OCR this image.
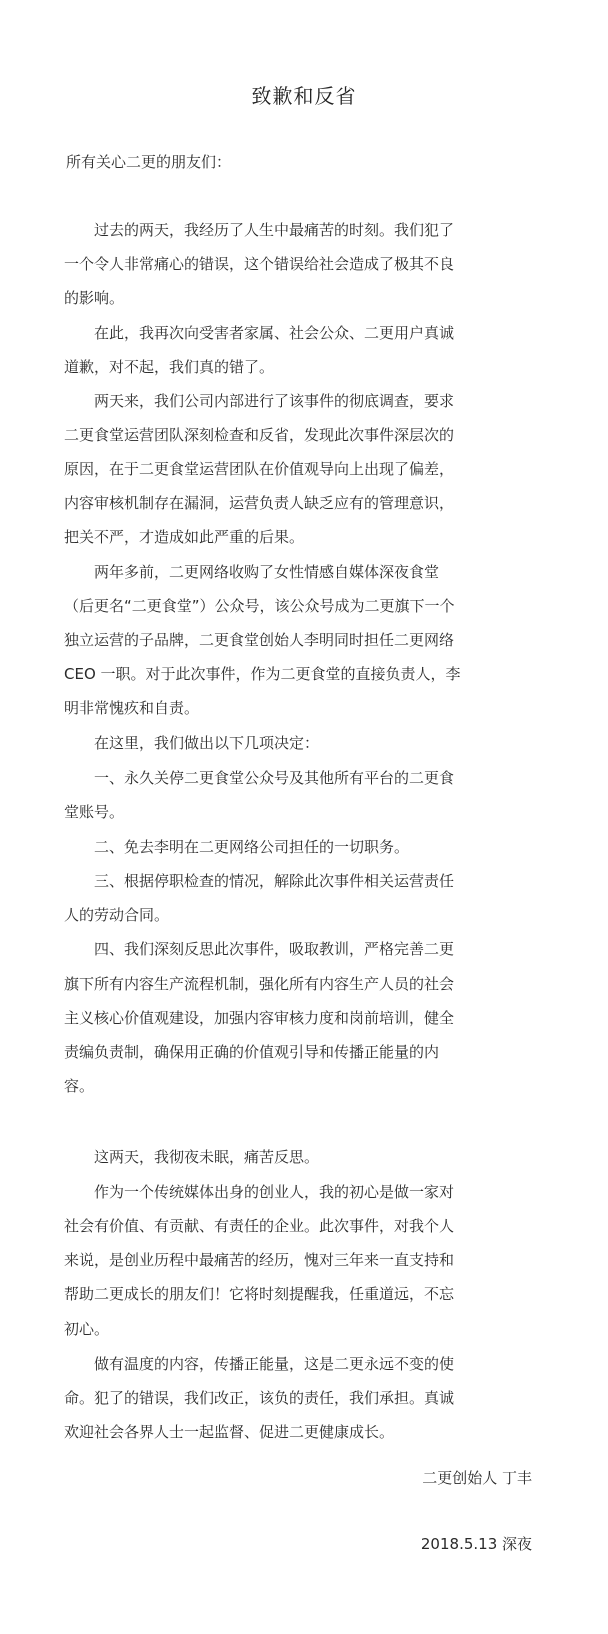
致歉和反省
所有关心二更的朋友们：
过去的两天，我经历了人生中最痛苦的时刻。我们犯了
一个令人非常痛心的错误，这个错误给社会造成了极其不良
的影响。
在此，我再次向受害者家属、社会公众、二更用户真诚
道歉，对不起，我们真的错了。
两天来，我们公司内部进行了该事件的彻底调查，要求
二更食堂运营团队深刻检查和反省，发现此次事件深层次的
原因，在于二更食堂运营团队在价值观导向上出现了偏差，
内容审核机制存在漏洞，运营负责人缺乏应有的管理意识，
把关不严，才造成如此严重的后果。
两年多前，二更网络收购了女性情感自媒体深夜食堂
（后更名“二更食堂”）公众号，该公众号成为二更旗下一个
独立运营的子品牌，二更食堂创始人李明同时担任二更网络
CEO 一职。对于此次事件，作为二更食堂的直接负责人，李
明非常愧疚和自责。
在这里，我们做出以下几项决定：
一、永久关停二更食堂公众号及其他所有平台的二更食
堂账号。
二、免去李明在二更网络公司担任的一切职务。
三、根据停职检查的情况，解除此次事件相关运营责任
人的劳动合同。
四、我们深刻反思此次事件，吸取教训，严格完善二更
旗下所有内容生产流程机制，强化所有内容生产人员的社会
主义核心价值观建设，加强内容审核力度和岗前培训，健全
责编负责制，确保用正确的价值观引导和传播正能量的内
容。
这两天，我彻夜未眠，痛苦反思。
作为一个传统媒体出身的创业人，我的初心是做一家对
社会有价值、有贡献、有责任的企业。此次事件，对我个人
来说，是创业历程中最痛苦的经历，愧对三年来一直支持和
帮助二更成长的朋友们！它将时刻提醒我，任重道远，不忘
初心。
做有温度的内容，传播正能量，这是二更永远不变的使
命。犯了的错误，我们改正，该负的责任，我们承担。真诚
欢迎社会各界人士一起监督、促进二更健康成长。
二更创始人 丁丰
2018.5.13 深夜
